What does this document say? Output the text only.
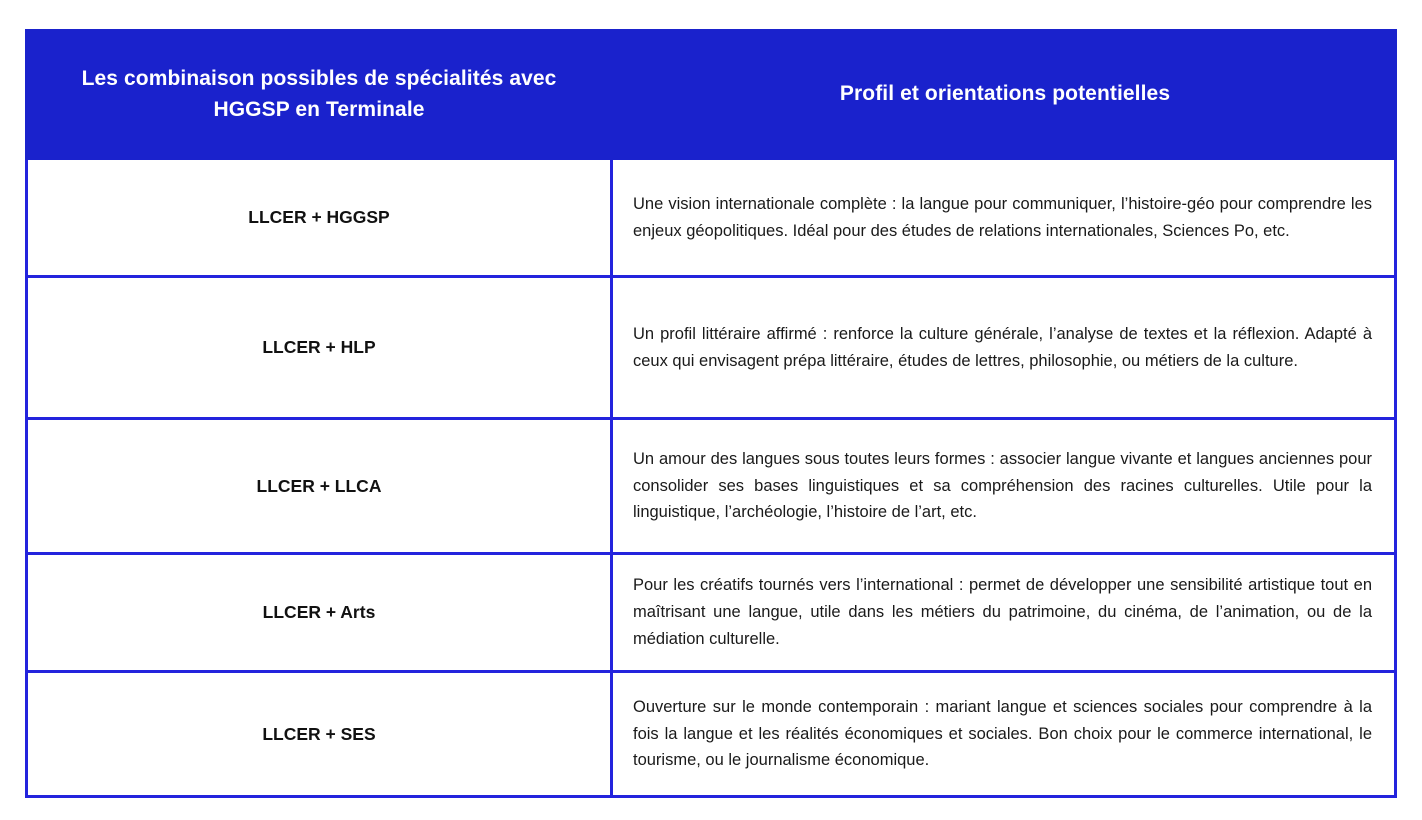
Les combinaison possibles de spécialités avec HGGSP en Terminale
Profil et orientations potentielles
LLCER + HGGSP

Une vision internationale complète : la langue pour communiquer, l’histoire-géo pour comprendre les enjeux géopolitiques. Idéal pour des études de relations internationales, Sciences Po, etc.

LLCER + HLP

Un profil littéraire affirmé : renforce la culture générale, l’analyse de textes et la réflexion. Adapté à ceux qui envisagent prépa littéraire, études de lettres, philosophie, ou métiers de la culture.

LLCER + LLCA

Un amour des langues sous toutes leurs formes : associer langue vivante et langues anciennes pour consolider ses bases linguistiques et sa compréhension des racines culturelles. Utile pour la linguistique, l’archéologie, l’histoire de l’art, etc.

LLCER + Arts

Pour les créatifs tournés vers l’international : permet de développer une sensibilité artistique tout en maîtrisant une langue, utile dans les métiers du patrimoine, du cinéma, de l’animation, ou de la médiation culturelle.

LLCER + SES

Ouverture sur le monde contemporain : mariant langue et sciences sociales pour comprendre à la fois la langue et les réalités économiques et sociales. Bon choix pour le commerce international, le tourisme, ou le journalisme économique.
